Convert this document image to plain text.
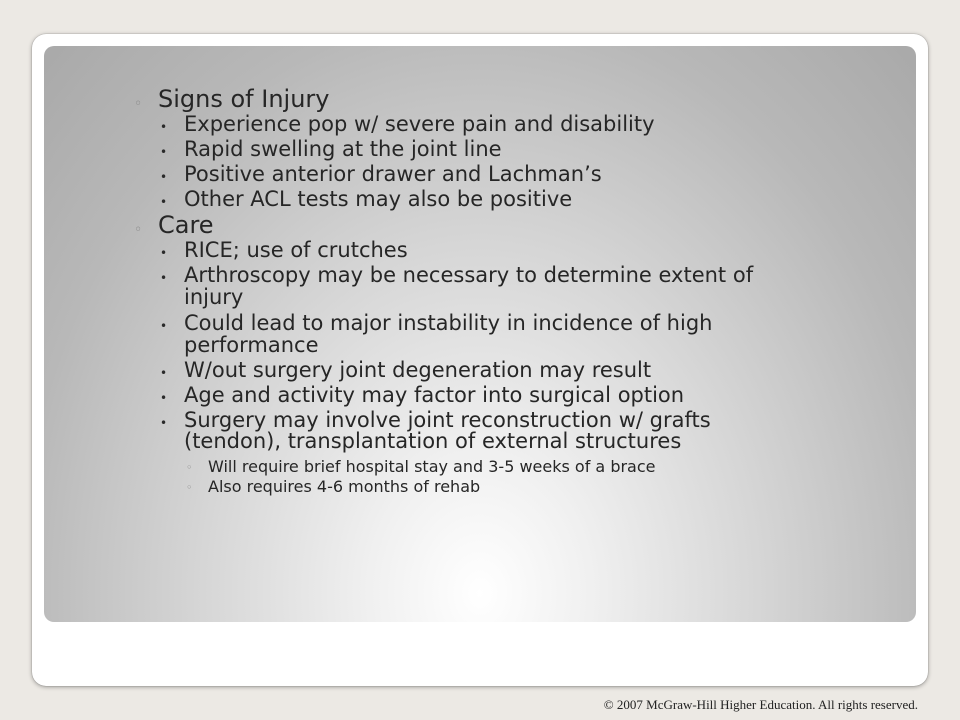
◦ Signs of Injury
• Experience pop w/ severe pain and disability
• Rapid swelling at the joint line
• Positive anterior drawer and Lachman’s
• Other ACL tests may also be positive
◦ Care
• RICE; use of crutches
• Arthroscopy may be necessary to determine extent of
injury
• Could lead to major instability in incidence of high
performance
• W/out surgery joint degeneration may result
• Age and activity may factor into surgical option
• Surgery may involve joint reconstruction w/ grafts
(tendon), transplantation of external structures
◦ Will require brief hospital stay and 3-5 weeks of a brace
◦ Also requires 4-6 months of rehab
© 2007 McGraw-Hill Higher Education. All rights reserved.
